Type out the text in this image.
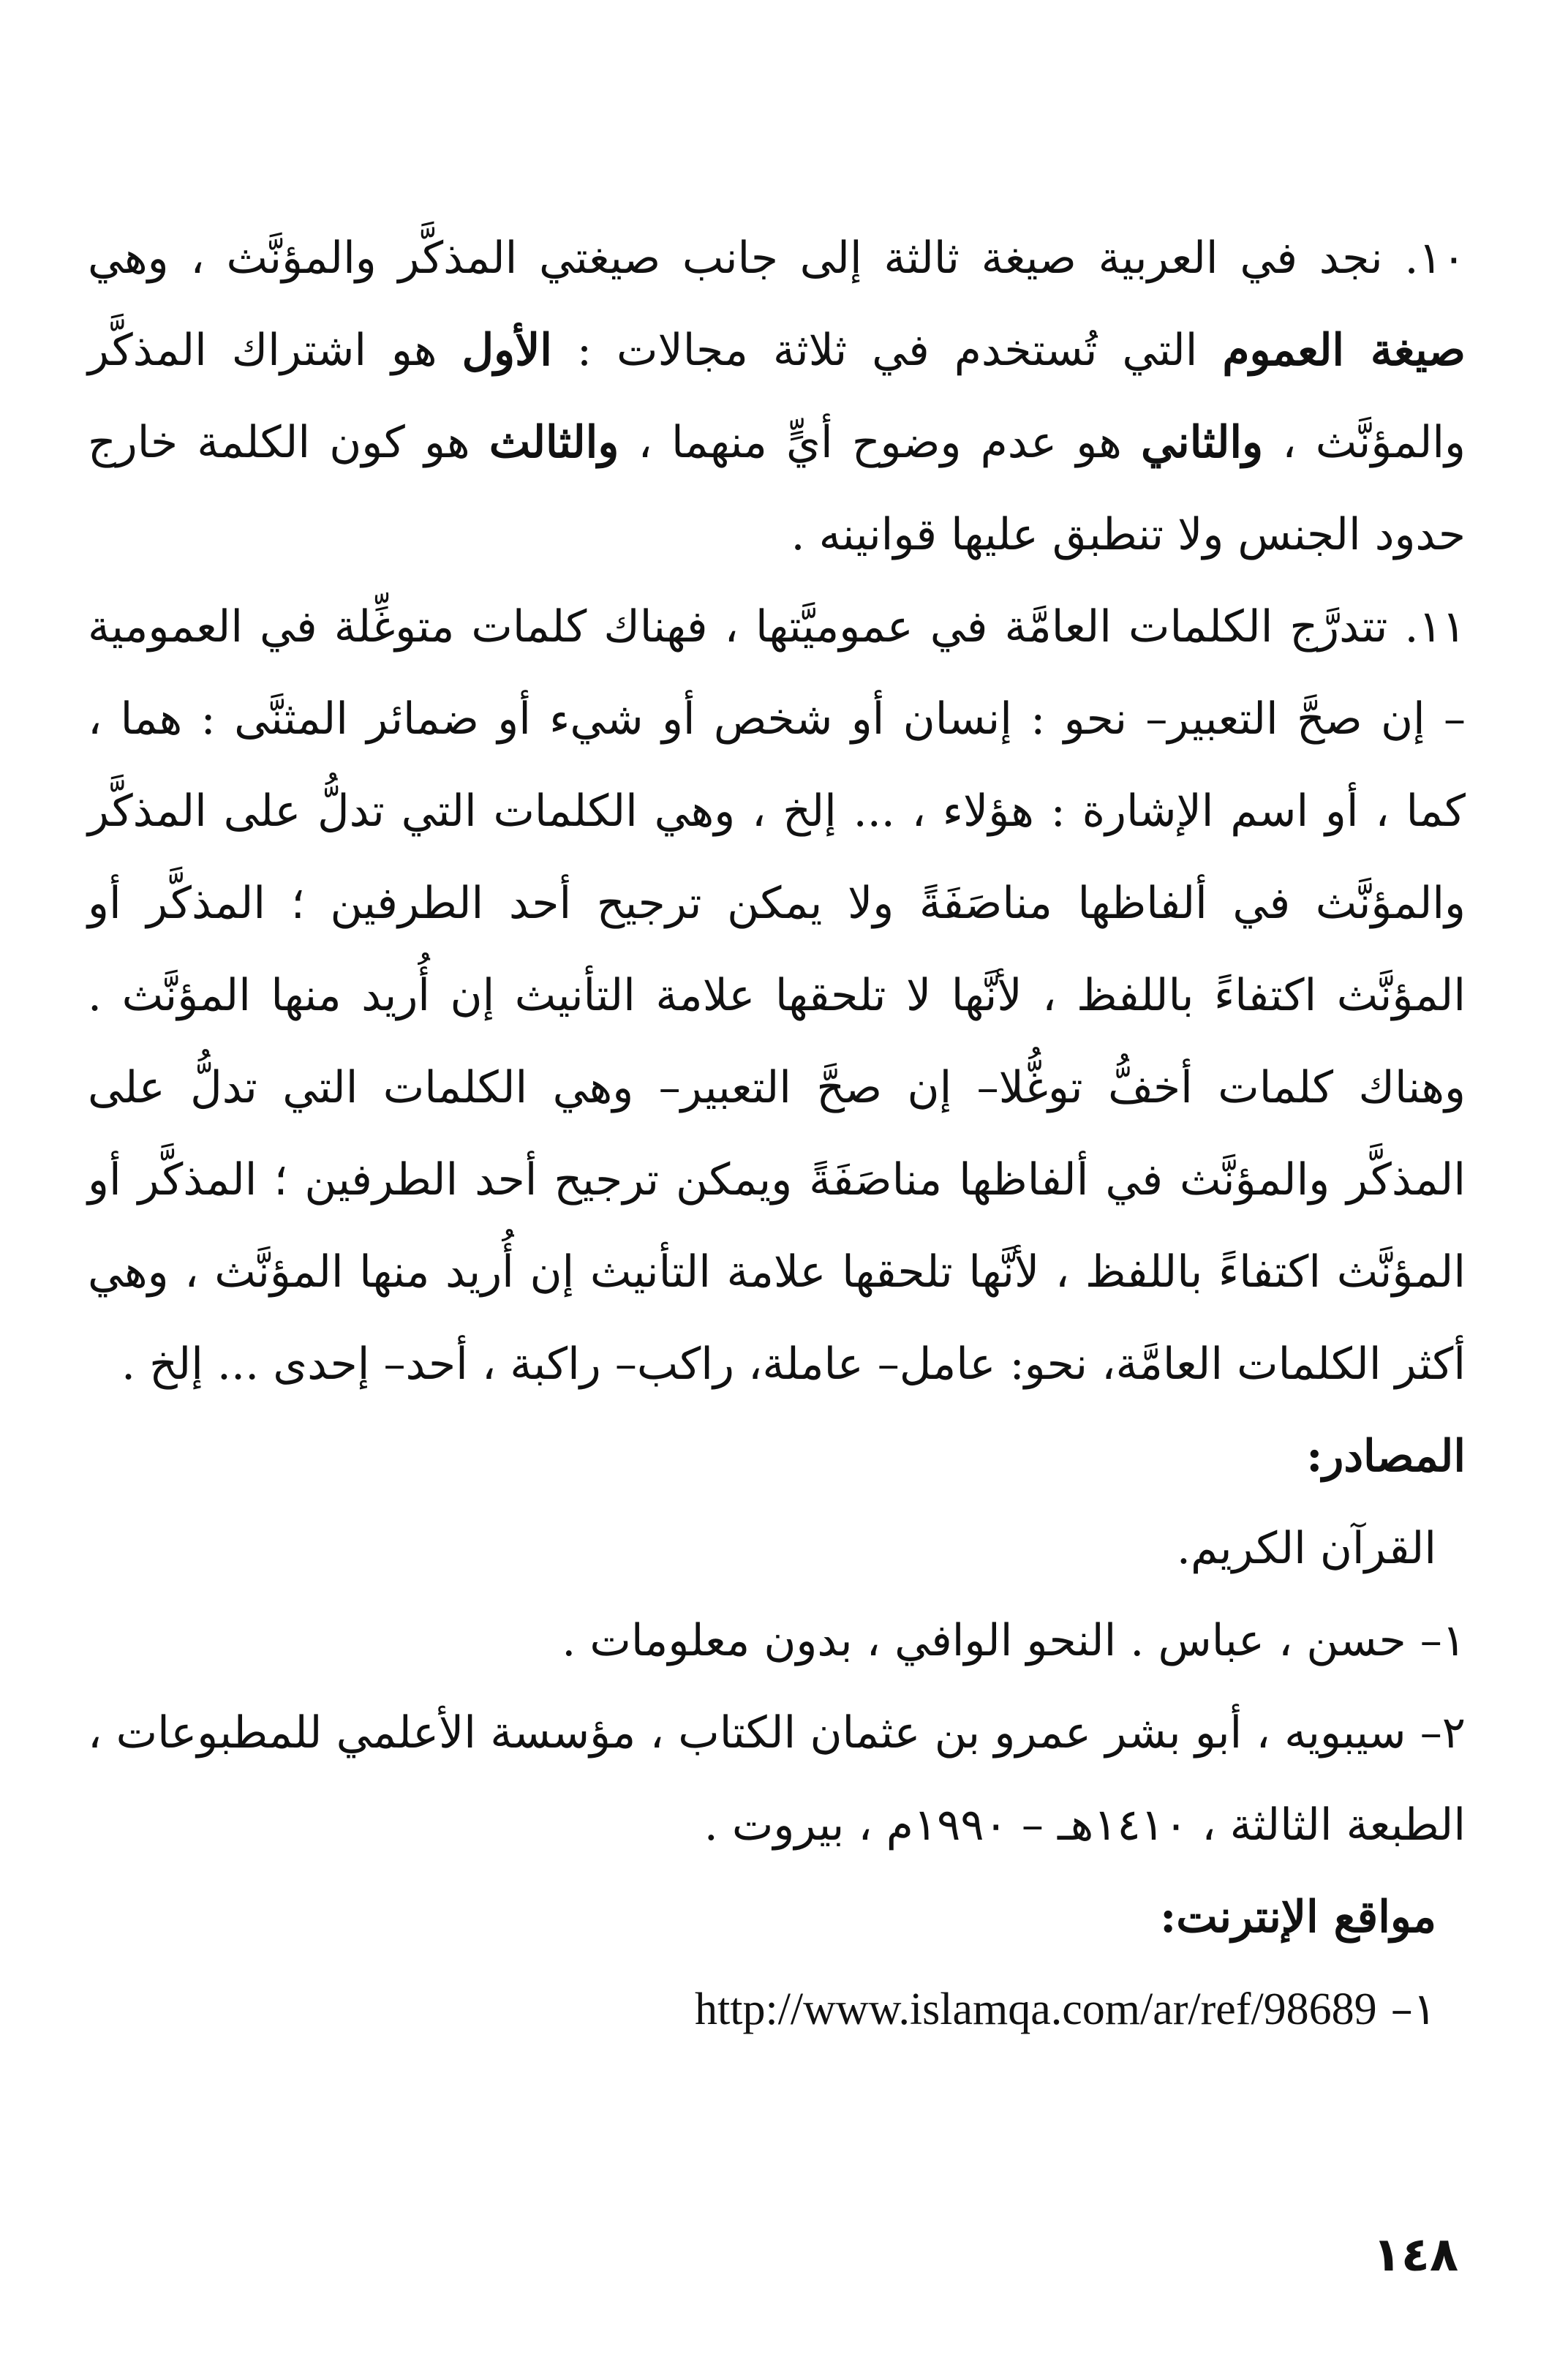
١٠. نجد في العربية صيغة ثالثة إلى جانب صيغتي المذكَّر والمؤنَّث ، وهي صيغة العموم التي تُستخدم في ثلاثة مجالات : الأول هو اشتراك المذكَّر والمؤنَّث ، والثاني هو عدم وضوح أيٍّ منهما ، والثالث هو كون الكلمة خارج حدود الجنس ولا تنطبق عليها قوانينه .

١١. تتدرَّج الكلمات العامَّة في عموميَّتها ، فهناك كلمات متوغِّلة في العمومية – إن صحَّ التعبير– نحو : إنسان أو شخص أو شيء أو ضمائر المثنَّى : هما ، كما ، أو اسم الإشارة : هؤلاء ، ... إلخ ، وهي الكلمات التي تدلُّ على المذكَّر والمؤنَّث في ألفاظها مناصَفَةً ولا يمكن ترجيح أحد الطرفين ؛ المذكَّر أو المؤنَّث اكتفاءً باللفظ ، لأنَّها لا تلحقها علامة التأنيث إن أُريد منها المؤنَّث . وهناك كلمات أخفُّ توغُّلا– إن صحَّ التعبير– وهي الكلمات التي تدلُّ على المذكَّر والمؤنَّث في ألفاظها مناصَفَةً ويمكن ترجيح أحد الطرفين ؛ المذكَّر أو المؤنَّث اكتفاءً باللفظ ، لأنَّها تلحقها علامة التأنيث إن أُريد منها المؤنَّث ، وهي أكثر الكلمات العامَّة، نحو: عامل– عاملة، راكب– راكبة ، أحد– إحدى ... إلخ .

المصادر:

القرآن الكريم.

١– حسن ، عباس . النحو الوافي ، بدون معلومات .

٢– سيبويه ، أبو بشر عمرو بن عثمان الكتاب ، مؤسسة الأعلمي للمطبوعات ، الطبعة الثالثة ، ١٤١٠هـ – ١٩٩٠م ، بيروت .

مواقع الإنترنت:

١– http://www.islamqa.com/ar/ref/98689

١٤٨
